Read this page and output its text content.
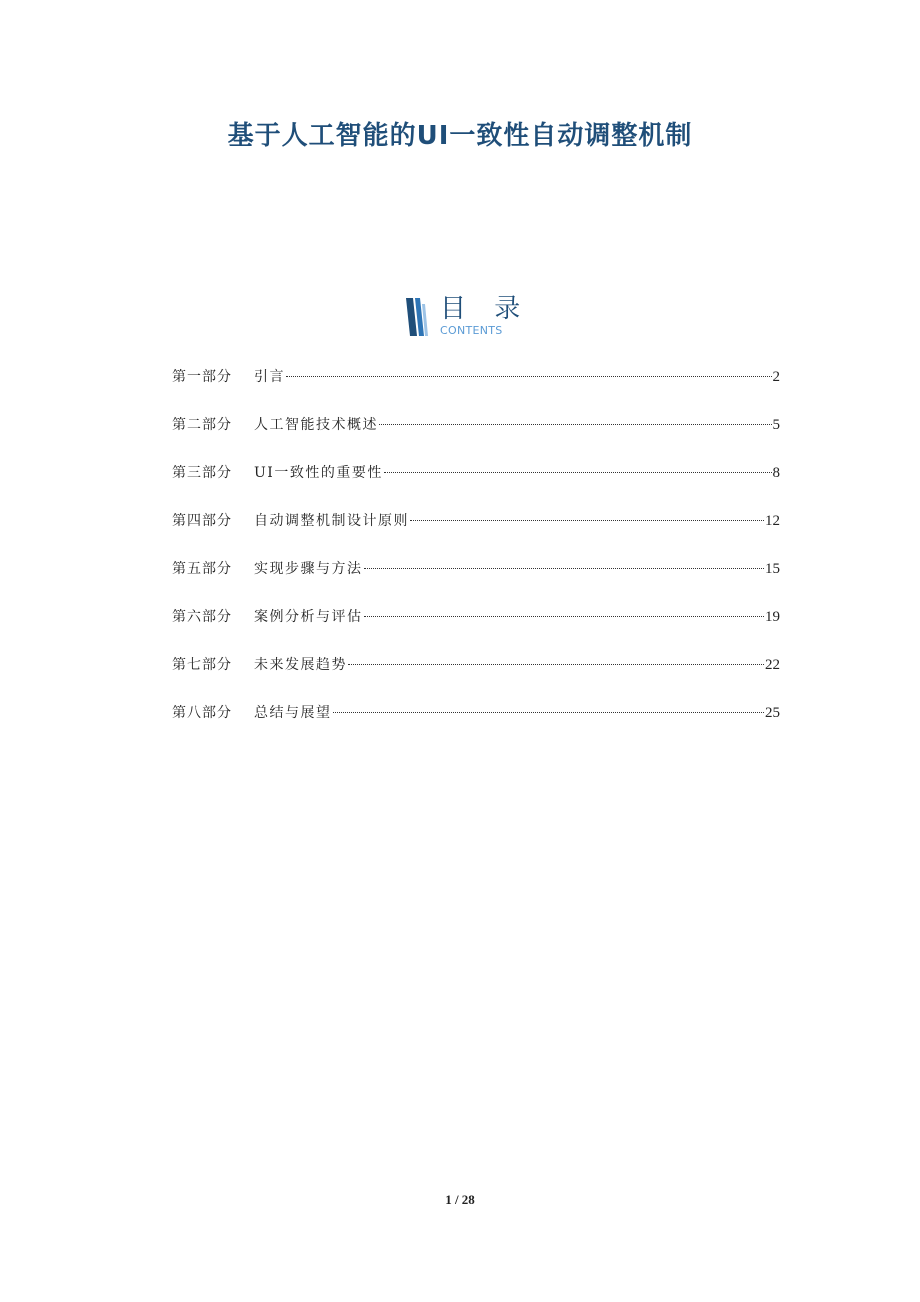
基于人工智能的UI一致性自动调整机制
目 录
CONTENTS
第一部分	引言	2
第二部分	人工智能技术概述	5
第三部分	UI一致性的重要性	8
第四部分	自动调整机制设计原则	12
第五部分	实现步骤与方法	15
第六部分	案例分析与评估	19
第七部分	未来发展趋势	22
第八部分	总结与展望	25
1 / 28
